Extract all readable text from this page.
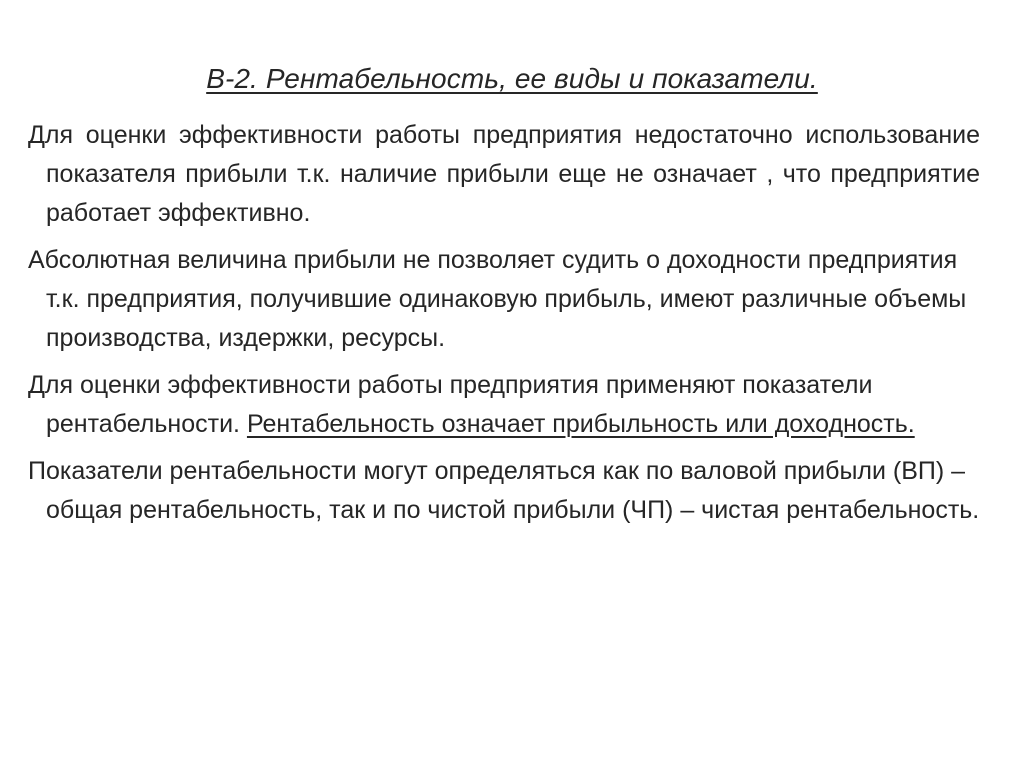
В-2. Рентабельность, ее виды и показатели.

Для оценки эффективности работы предприятия недостаточно использование показателя прибыли т.к. наличие прибыли еще не означает , что предприятие работает эффективно.

Абсолютная величина прибыли не позволяет судить о доходности предприятия т.к. предприятия, получившие одинаковую прибыль, имеют различные объемы производства, издержки, ресурсы.

Для оценки эффективности работы предприятия применяют показатели рентабельности. Рентабельность означает прибыльность или доходность.

Показатели рентабельности могут определяться как по валовой прибыли (ВП) – общая рентабельность, так и по чистой прибыли (ЧП) – чистая рентабельность.
